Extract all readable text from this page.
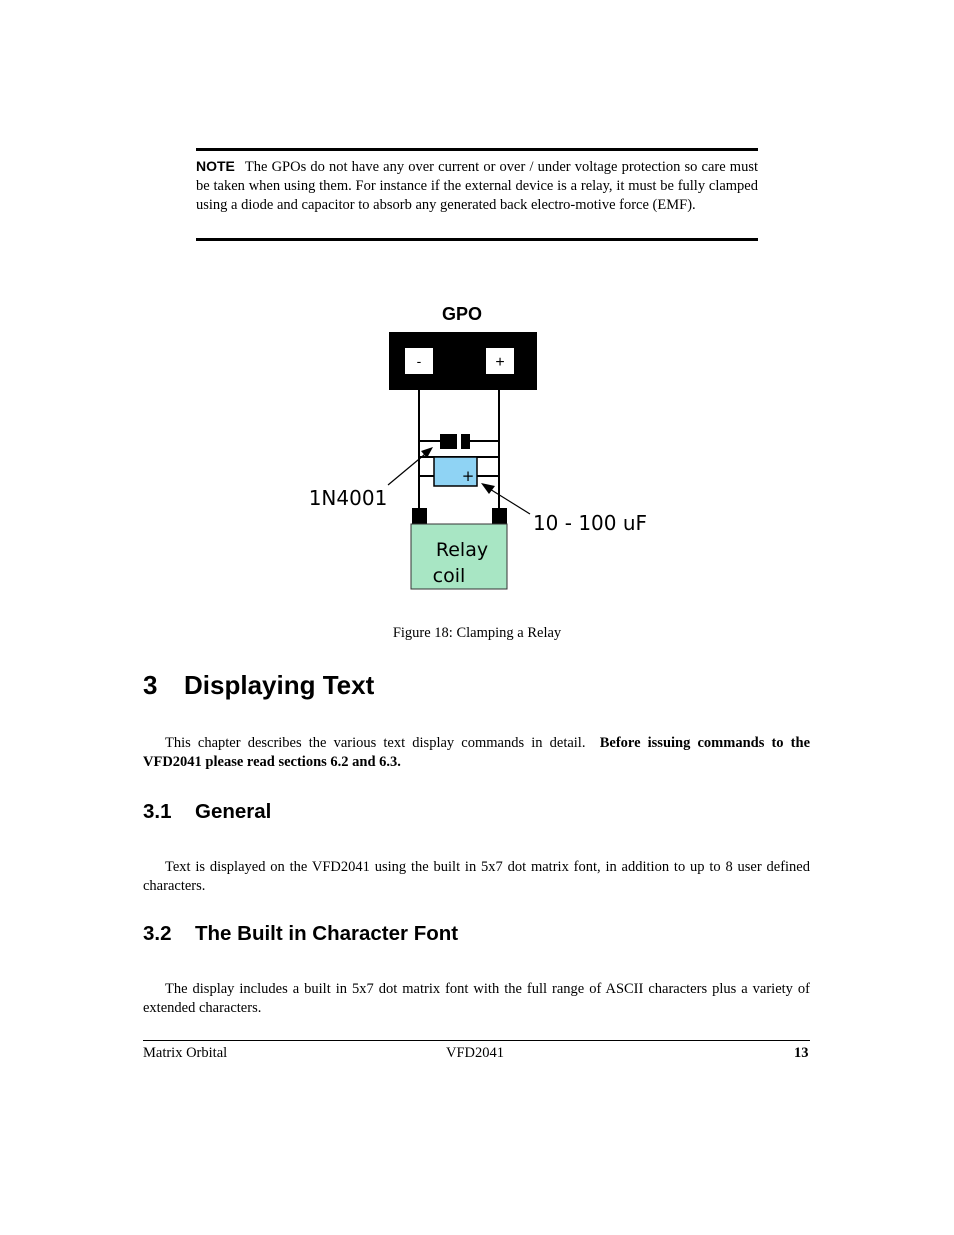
NOTE The GPOs do not have any over current or over / under voltage protection so care must be taken when using them. For instance if the external device is a relay, it must be fully clamped using a diode and capacitor to absorb any generated back electro-motive force (EMF).
GPO
-	+
+
1N4001
10 - 100 uF
Relay
coil
Figure 18: Clamping a Relay
3 Displaying Text
This chapter describes the various text display commands in detail. Before issuing commands to the VFD2041 please read sections 6.2 and 6.3.
3.1 General
Text is displayed on the VFD2041 using the built in 5x7 dot matrix font, in addition to up to 8 user defined characters.
3.2 The Built in Character Font
The display includes a built in 5x7 dot matrix font with the full range of ASCII characters plus a variety of extended characters.
Matrix Orbital	VFD2041	13
